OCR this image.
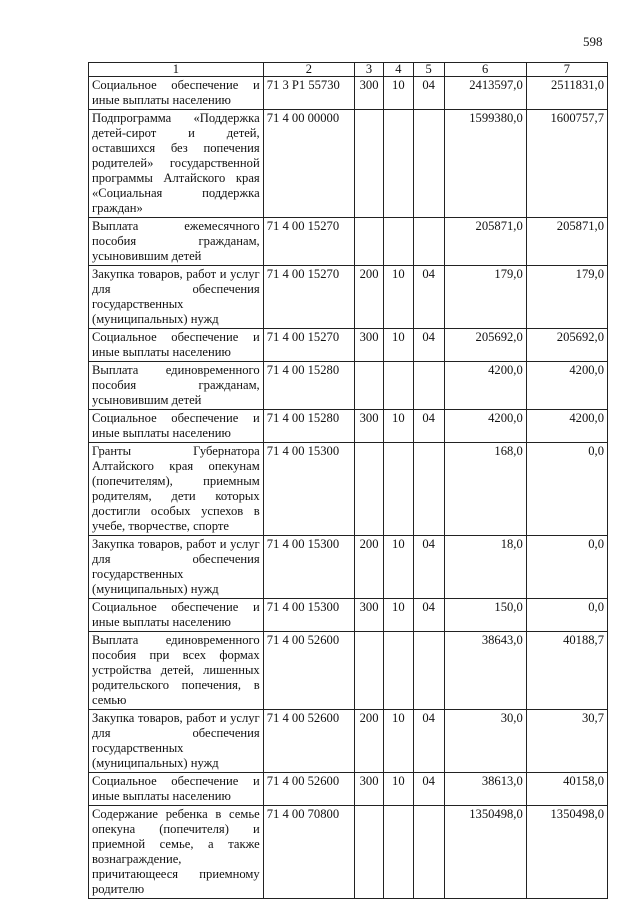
598
1	2	3	4	5	6	7
Социальное обеспечение и иные выплаты населению	71 3 P1 55730	300	10	04	2413597,0	2511831,0
Подпрограмма «Поддержка детей-сирот и детей, оставшихся без попечения родителей» государственной программы Алтайского края «Социальная поддержка граждан»	71 4 00 00000				1599380,0	1600757,7
Выплата ежемесячного пособия гражданам, усыновившим детей	71 4 00 15270				205871,0	205871,0
Закупка товаров, работ и услуг для обеспечения государственных (муниципальных) нужд	71 4 00 15270	200	10	04	179,0	179,0
Социальное обеспечение и иные выплаты населению	71 4 00 15270	300	10	04	205692,0	205692,0
Выплата единовременного пособия гражданам, усыновившим детей	71 4 00 15280				4200,0	4200,0
Социальное обеспечение и иные выплаты населению	71 4 00 15280	300	10	04	4200,0	4200,0
Гранты Губернатора Алтайского края опекунам (попечителям), приемным родителям, дети которых достигли особых успехов в учебе, творчестве, спорте	71 4 00 15300				168,0	0,0
Закупка товаров, работ и услуг для обеспечения государственных (муниципальных) нужд	71 4 00 15300	200	10	04	18,0	0,0
Социальное обеспечение и иные выплаты населению	71 4 00 15300	300	10	04	150,0	0,0
Выплата единовременного пособия при всех формах устройства детей, лишенных родительского попечения, в семью	71 4 00 52600				38643,0	40188,7
Закупка товаров, работ и услуг для обеспечения государственных (муниципальных) нужд	71 4 00 52600	200	10	04	30,0	30,7
Социальное обеспечение и иные выплаты населению	71 4 00 52600	300	10	04	38613,0	40158,0
Содержание ребенка в семье опекуна (попечителя) и приемной семье, а также вознаграждение, причитающееся приемному родителю	71 4 00 70800				1350498,0	1350498,0
